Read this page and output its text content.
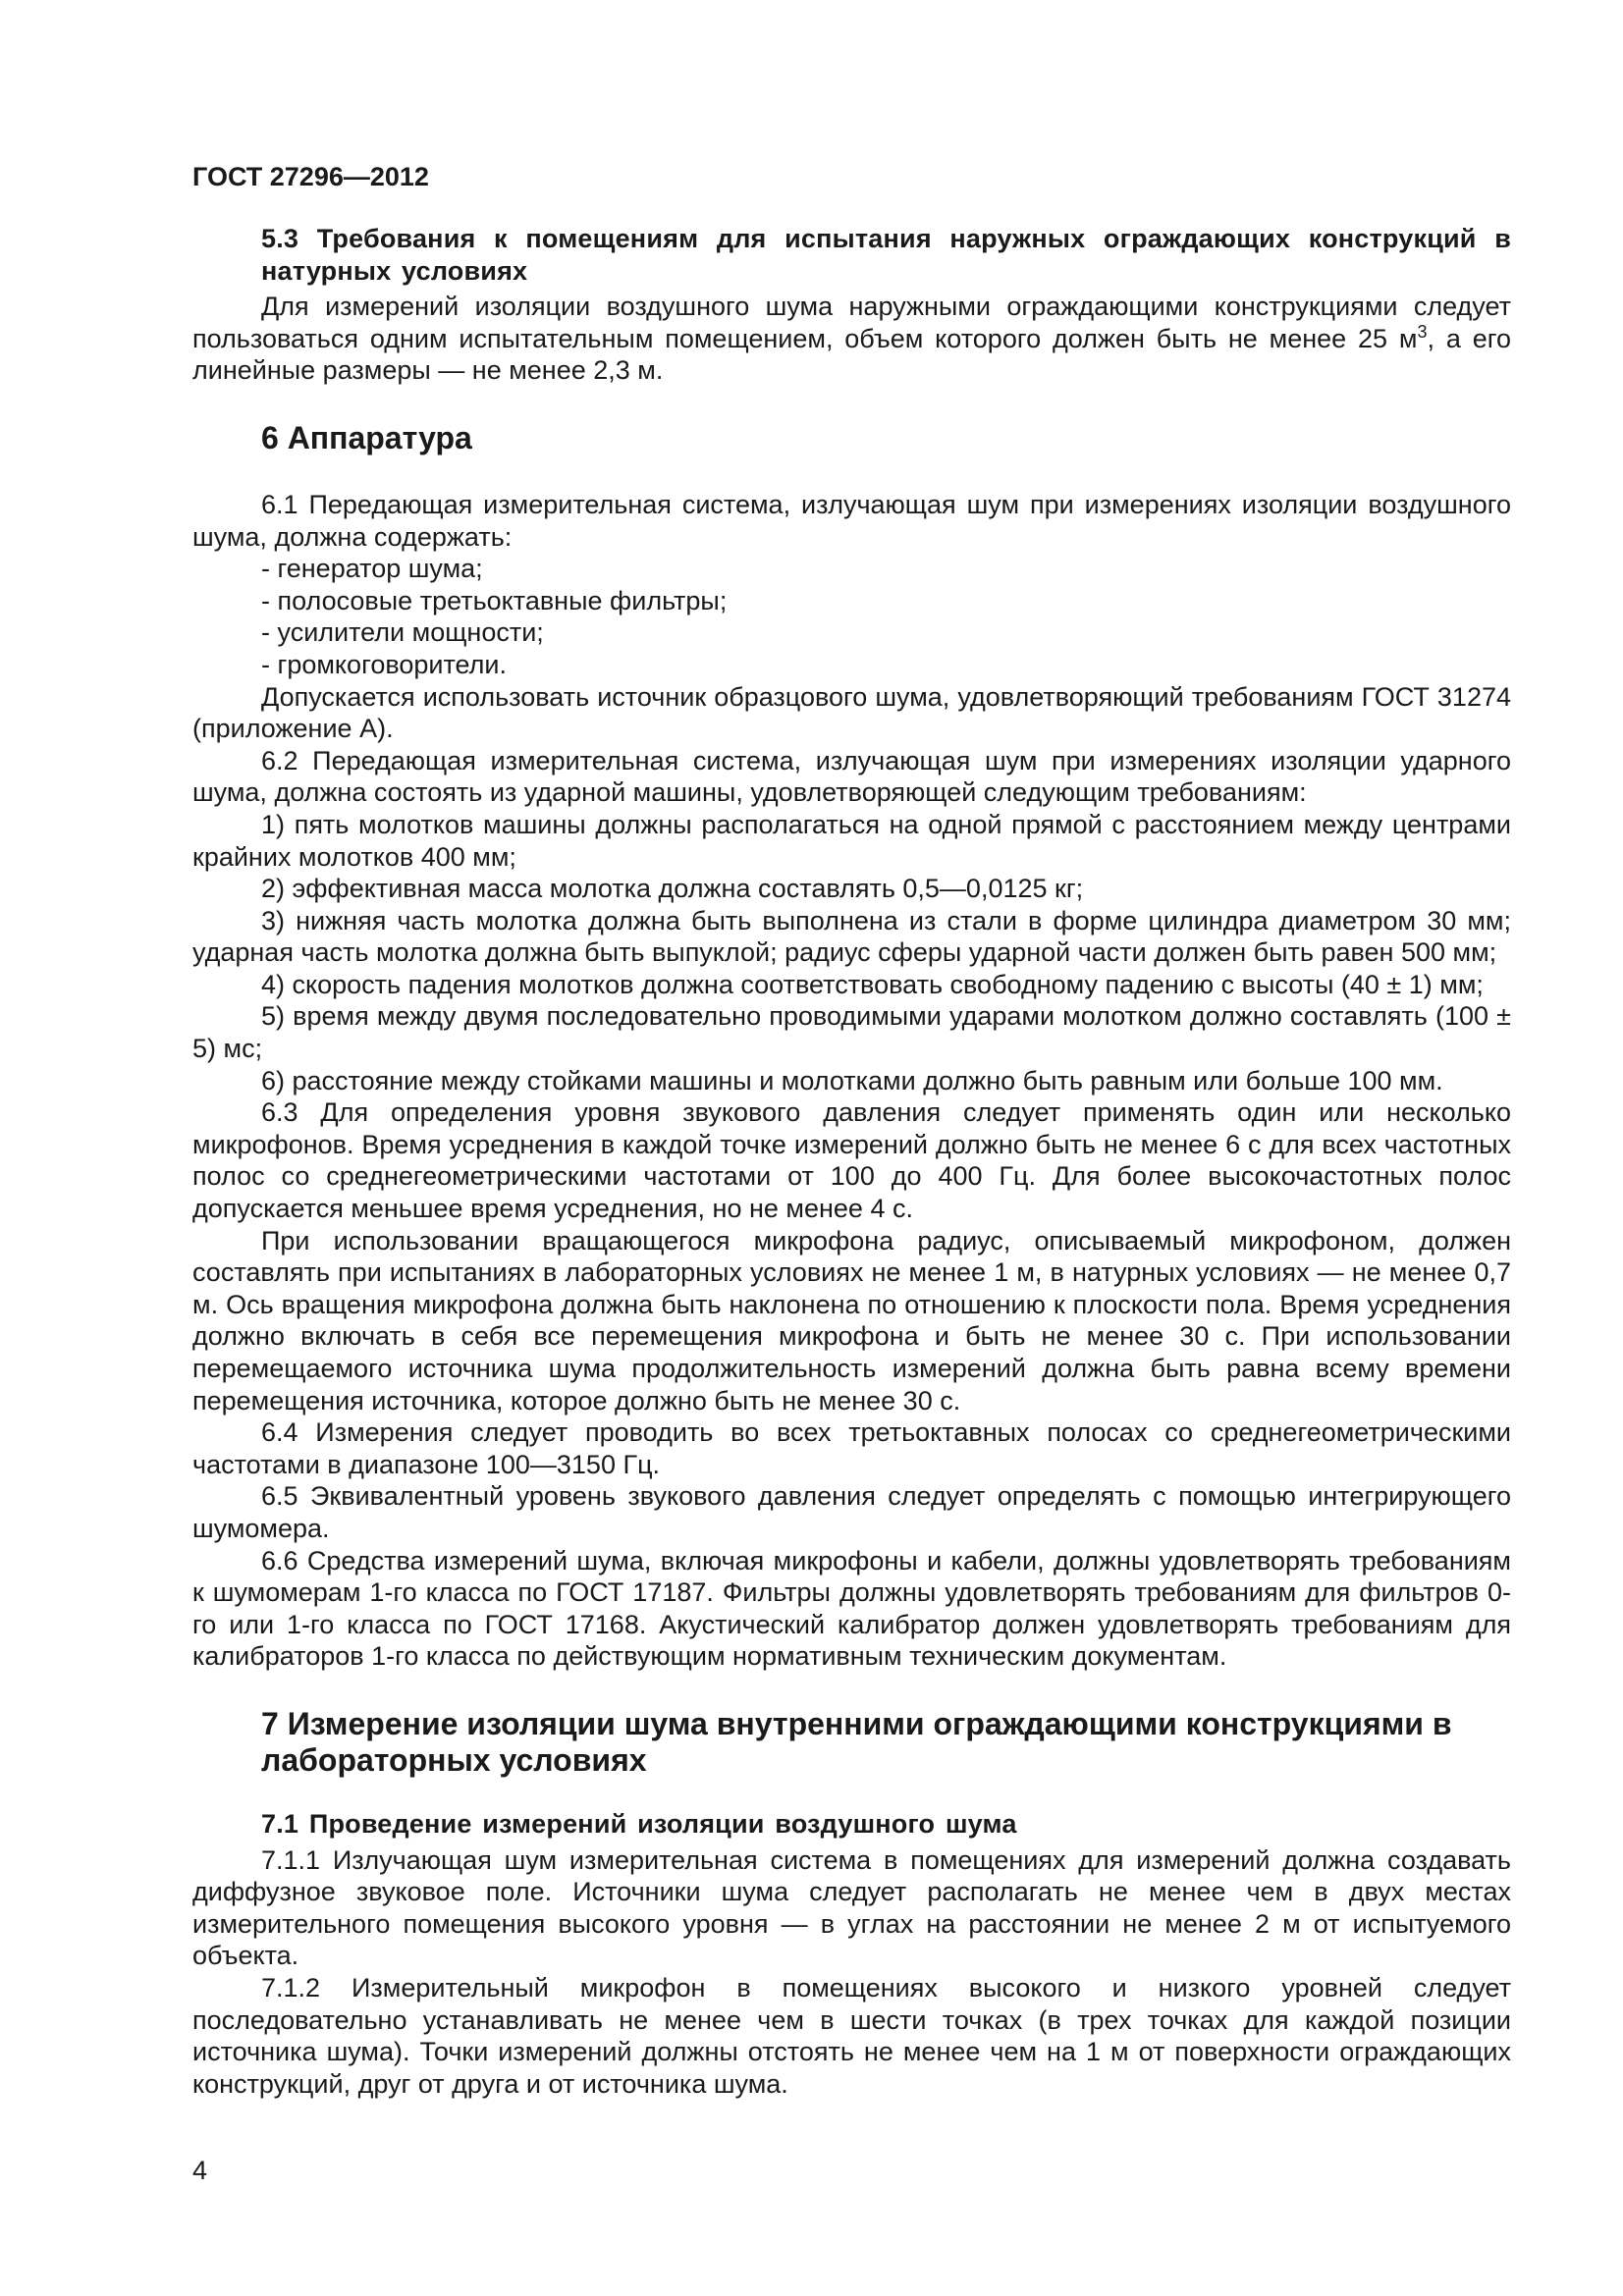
ГОСТ 27296—2012

5.3 Требования к помещениям для испытания наружных ограждающих конструкций в натурных условиях

Для измерений изоляции воздушного шума наружными ограждающими конструкциями следует пользоваться одним испытательным помещением, объем которого должен быть не менее 25 $м^3$, а его линейные размеры — не менее 2,3 м.

6 Аппаратура

6.1 Передающая измерительная система, излучающая шум при измерениях изоляции воздушного шума, должна содержать:

- генератор шума;

- полосовые третьоктавные фильтры;

- усилители мощности;

- громкоговорители.

Допускается использовать источник образцового шума, удовлетворяющий требованиям ГОСТ 31274 (приложение А).

6.2 Передающая измерительная система, излучающая шум при измерениях изоляции ударного шума, должна состоять из ударной машины, удовлетворяющей следующим требованиям:

1) пять молотков машины должны располагаться на одной прямой с расстоянием между центрами крайних молотков 400 мм;

2) эффективная масса молотка должна составлять 0,5—0,0125 кг;

3) нижняя часть молотка должна быть выполнена из стали в форме цилиндра диаметром 30 мм; ударная часть молотка должна быть выпуклой; радиус сферы ударной части должен быть равен 500 мм;

4) скорость падения молотков должна соответствовать свободному падению с высоты (40 ± 1) мм;

5) время между двумя последовательно проводимыми ударами молотком должно составлять (100 ± 5) мс;

6) расстояние между стойками машины и молотками должно быть равным или больше 100 мм.

6.3 Для определения уровня звукового давления следует применять один или несколько микрофонов. Время усреднения в каждой точке измерений должно быть не менее 6 с для всех частотных полос со среднегеометрическими частотами от 100 до 400 Гц. Для более высокочастотных полос допускается меньшее время усреднения, но не менее 4 с.

При использовании вращающегося микрофона радиус, описываемый микрофоном, должен составлять при испытаниях в лабораторных условиях не менее 1 м, в натурных условиях — не менее 0,7 м. Ось вращения микрофона должна быть наклонена по отношению к плоскости пола. Время усреднения должно включать в себя все перемещения микрофона и быть не менее 30 с. При использовании перемещаемого источника шума продолжительность измерений должна быть равна всему времени перемещения источника, которое должно быть не менее 30 с.

6.4 Измерения следует проводить во всех третьоктавных полосах со среднегеометрическими частотами в диапазоне 100—3150 Гц.

6.5 Эквивалентный уровень звукового давления следует определять с помощью интегрирующего шумомера.

6.6 Средства измерений шума, включая микрофоны и кабели, должны удовлетворять требованиям к шумомерам 1-го класса по ГОСТ 17187. Фильтры должны удовлетворять требованиям для фильтров 0-го или 1-го класса по ГОСТ 17168. Акустический калибратор должен удовлетворять требованиям для калибраторов 1-го класса по действующим нормативным техническим документам.

7 Измерение изоляции шума внутренними ограждающими конструкциями в лабораторных условиях

7.1 Проведение измерений изоляции воздушного шума

7.1.1 Излучающая шум измерительная система в помещениях для измерений должна создавать диффузное звуковое поле. Источники шума следует располагать не менее чем в двух местах измерительного помещения высокого уровня — в углах на расстоянии не менее 2 м от испытуемого объекта.

7.1.2 Измерительный микрофон в помещениях высокого и низкого уровней следует последовательно устанавливать не менее чем в шести точках (в трех точках для каждой позиции источника шума). Точки измерений должны отстоять не менее чем на 1 м от поверхности ограждающих конструкций, друг от друга и от источника шума.

4
